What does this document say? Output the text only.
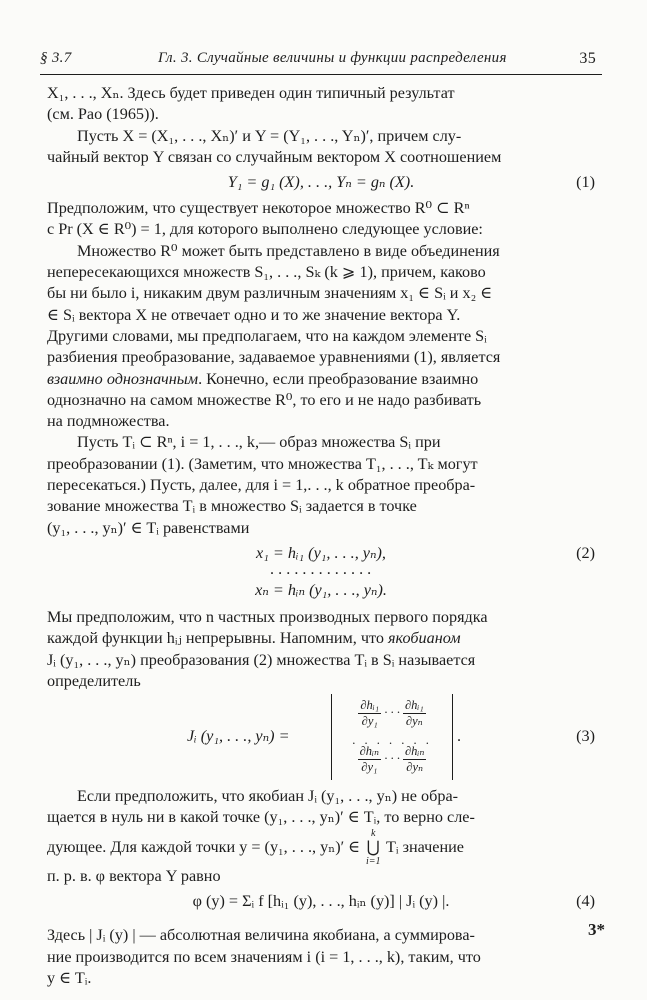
§ 3.7	Гл. 3. Случайные величины и функции распределения	35

X₁, . . ., Xₙ. Здесь будет приведен один типичный результат

(см. Рао (1965)).

Пусть X = (X₁, . . ., Xₙ)′ и Y = (Y₁, . . ., Yₙ)′, причем слу-

чайный вектор Y связан со случайным вектором X соотношением

Y₁ = g₁ (X), . . ., Yₙ = gₙ (X).	(1)

Предположим, что существует некоторое множество R⁰ ⊂ Rⁿ

с Pr (X ∈ R⁰) = 1, для которого выполнено следующее условие:

Множество R⁰ может быть представлено в виде объединения

непересекающихся множеств S₁, . . ., Sₖ (k ⩾ 1), причем, каково

бы ни было i, никаким двум различным значениям x₁ ∈ Sᵢ и x₂ ∈

∈ Sᵢ вектора X не отвечает одно и то же значение вектора Y.

Другими словами, мы предполагаем, что на каждом элементе Sᵢ

разбиения преобразование, задаваемое уравнениями (1), является

взаимно однозначным. Конечно, если преобразование взаимно

однозначно на самом множестве R⁰, то его и не надо разбивать

на подмножества.

Пусть Tᵢ ⊂ Rⁿ, i = 1, . . ., k,— образ множества Sᵢ при

преобразовании (1). (Заметим, что множества T₁, . . ., Tₖ могут

пересекаться.) Пусть, далее, для i = 1,. . ., k обратное преобра-

зование множества Tᵢ в множество Sᵢ задается в точке

(y₁, . . ., yₙ)′ ∈ Tᵢ равенствами

x₁ = hᵢ₁ (y₁, . . ., yₙ),	(2)
. . . . . . . . . . . . .
xₙ = hᵢₙ (y₁, . . ., yₙ).

Мы предположим, что n частных производных первого порядка

каждой функции hᵢⱼ непрерывны. Напомним, что якобианом

Jᵢ (y₁, . . ., yₙ) преобразования (2) множества Tᵢ в Sᵢ называется

определитель

Jᵢ (y₁, . . ., yₙ) =
$\frac{\text{∂hᵢ₁}}{\text{∂y₁}}$ · · · $\frac{\text{∂hᵢ₁}}{\text{∂yₙ}}$
. . . . . . .
$\frac{\text{∂hᵢₙ}}{\text{∂y₁}}$ · · · $\frac{\text{∂hᵢₙ}}{\text{∂yₙ}}$
.	(3)

Если предположить, что якобиан Jᵢ (y₁, . . ., yₙ) не обра-

щается в нуль ни в какой точке (y₁, . . ., yₙ)′ ∈ Tᵢ, то верно сле-

дующее. Для каждой точки y = (y₁, . . ., yₙ)′ ∈
k
⋃
i=1
Tᵢ значение

п. р. в. φ вектора Y равно

φ (y) = Σᵢ f [hᵢ₁ (y), . . ., hᵢₙ (y)] | Jᵢ (y) |.	(4)

Здесь | Jᵢ (y) | — абсолютная величина якобиана, а суммирова-

ние производится по всем значениям i (i = 1, . . ., k), таким, что

y ∈ Tᵢ.

3*
